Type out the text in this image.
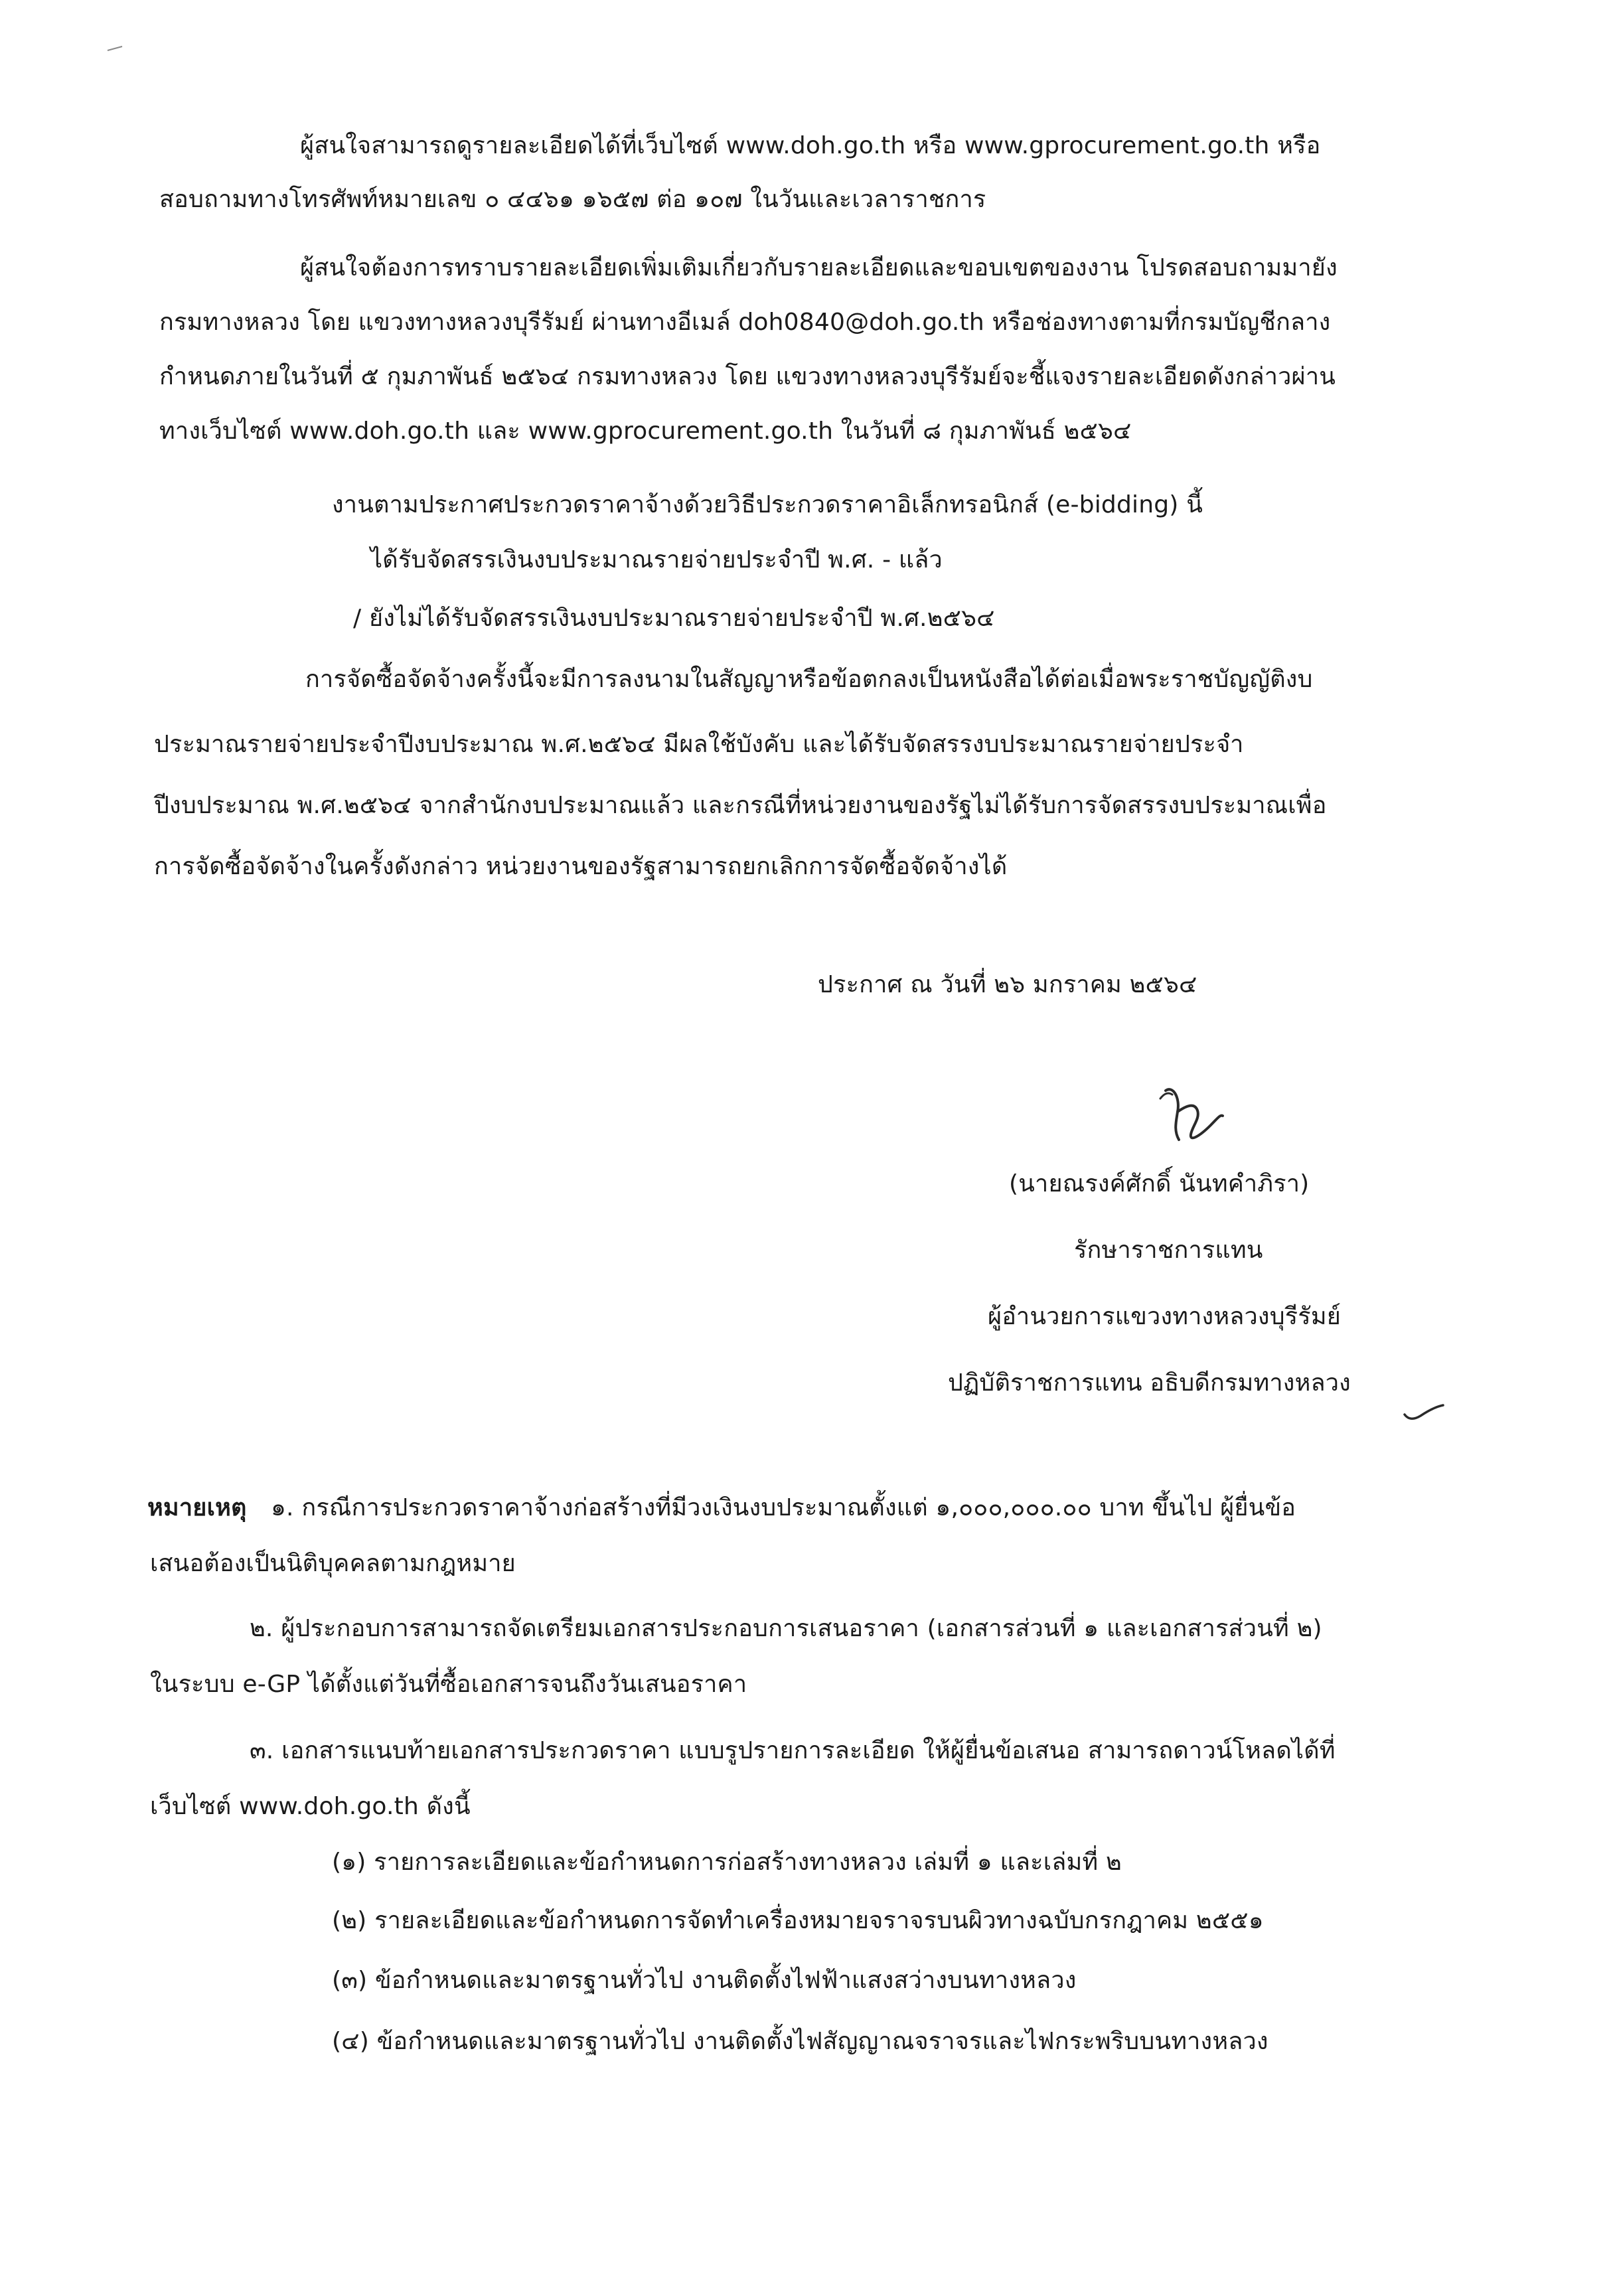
ผู้สนใจสามารถดูรายละเอียดได้ที่เว็บไซต์ www.doh.go.th หรือ www.gprocurement.go.th หรือ
สอบถามทางโทรศัพท์หมายเลข ๐ ๔๔๖๑ ๑๖๕๗ ต่อ ๑๐๗ ในวันและเวลาราชการ
ผู้สนใจต้องการทราบรายละเอียดเพิ่มเติมเกี่ยวกับรายละเอียดและขอบเขตของงาน โปรดสอบถามมายัง
กรมทางหลวง โดย แขวงทางหลวงบุรีรัมย์ ผ่านทางอีเมล์ doh0840@doh.go.th หรือช่องทางตามที่กรมบัญชีกลาง
กำหนดภายในวันที่ ๕ กุมภาพันธ์ ๒๕๖๔ กรมทางหลวง โดย แขวงทางหลวงบุรีรัมย์จะชี้แจงรายละเอียดดังกล่าวผ่าน
ทางเว็บไซต์ www.doh.go.th และ www.gprocurement.go.th ในวันที่ ๘ กุมภาพันธ์ ๒๕๖๔
งานตามประกาศประกวดราคาจ้างด้วยวิธีประกวดราคาอิเล็กทรอนิกส์ (e-bidding) นี้
ได้รับจัดสรรเงินงบประมาณรายจ่ายประจำปี พ.ศ. - แล้ว
/ ยังไม่ได้รับจัดสรรเงินงบประมาณรายจ่ายประจำปี พ.ศ.๒๕๖๔
การจัดซื้อจัดจ้างครั้งนี้จะมีการลงนามในสัญญาหรือข้อตกลงเป็นหนังสือได้ต่อเมื่อพระราชบัญญัติงบ
ประมาณรายจ่ายประจำปีงบประมาณ พ.ศ.๒๕๖๔ มีผลใช้บังคับ และได้รับจัดสรรงบประมาณรายจ่ายประจำ
ปีงบประมาณ พ.ศ.๒๕๖๔ จากสำนักงบประมาณแล้ว และกรณีที่หน่วยงานของรัฐไม่ได้รับการจัดสรรงบประมาณเพื่อ
การจัดซื้อจัดจ้างในครั้งดังกล่าว หน่วยงานของรัฐสามารถยกเลิกการจัดซื้อจัดจ้างได้
ประกาศ ณ วันที่ ๒๖ มกราคม ๒๕๖๔
(นายณรงค์ศักดิ์ นันทคำภิรา)
รักษาราชการแทน
ผู้อำนวยการแขวงทางหลวงบุรีรัมย์
ปฏิบัติราชการแทน อธิบดีกรมทางหลวง
หมายเหตุ ๑. กรณีการประกวดราคาจ้างก่อสร้างที่มีวงเงินงบประมาณตั้งแต่ ๑,๐๐๐,๐๐๐.๐๐ บาท ขึ้นไป ผู้ยื่นข้อ
เสนอต้องเป็นนิติบุคคลตามกฎหมาย
๒. ผู้ประกอบการสามารถจัดเตรียมเอกสารประกอบการเสนอราคา (เอกสารส่วนที่ ๑ และเอกสารส่วนที่ ๒)
ในระบบ e-GP ได้ตั้งแต่วันที่ซื้อเอกสารจนถึงวันเสนอราคา
๓. เอกสารแนบท้ายเอกสารประกวดราคา แบบรูปรายการละเอียด ให้ผู้ยื่นข้อเสนอ สามารถดาวน์โหลดได้ที่
เว็บไซต์ www.doh.go.th ดังนี้
(๑) รายการละเอียดและข้อกำหนดการก่อสร้างทางหลวง เล่มที่ ๑ และเล่มที่ ๒
(๒) รายละเอียดและข้อกำหนดการจัดทำเครื่องหมายจราจรบนผิวทางฉบับกรกฎาคม ๒๕๕๑
(๓) ข้อกำหนดและมาตรฐานทั่วไป งานติดตั้งไฟฟ้าแสงสว่างบนทางหลวง
(๔) ข้อกำหนดและมาตรฐานทั่วไป งานติดตั้งไฟสัญญาณจราจรและไฟกระพริบบนทางหลวง
